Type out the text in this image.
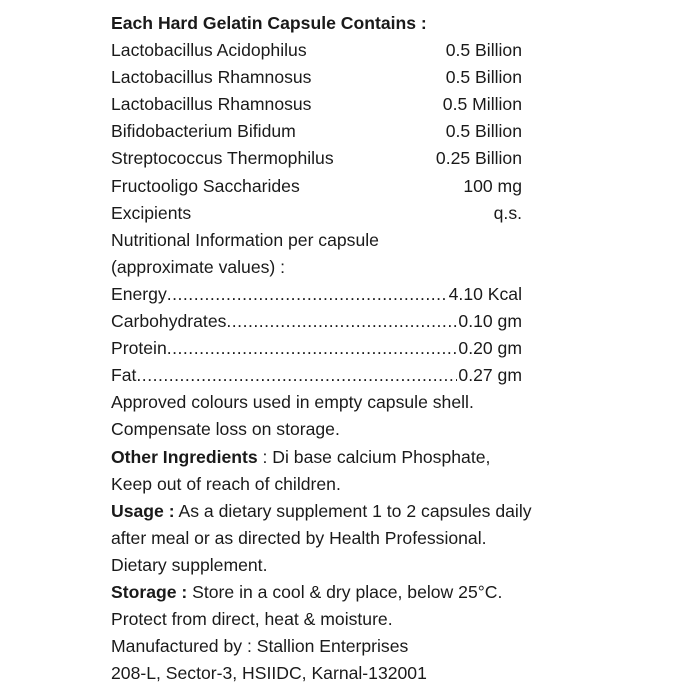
Each Hard Gelatin Capsule Contains :
Lactobacillus Acidophilus	0.5 Billion
Lactobacillus Rhamnosus	0.5 Billion
Lactobacillus Rhamnosus	0.5 Million
Bifidobacterium Bifidum	0.5 Billion
Streptococcus Thermophilus	0.25 Billion
Fructooligo Saccharides	100 mg
Excipients	q.s.
Nutritional Information per capsule
(approximate values) :
Energy .....	4.10 Kcal
Carbohydrates .....	0.10 gm
Protein .....	0.20 gm
Fat .....	0.27 gm
Approved colours used in empty capsule shell.
Compensate loss on storage.
Other Ingredients : Di base calcium Phosphate,
Keep out of reach of children.
Usage : As a dietary supplement 1 to 2 capsules daily
after meal or as directed by Health Professional.
Dietary supplement.
Storage : Store in a cool & dry place, below 25°C.
Protect from direct, heat & moisture.
Manufactured by : Stallion Enterprises
208-L, Sector-3, HSIIDC, Karnal-132001
